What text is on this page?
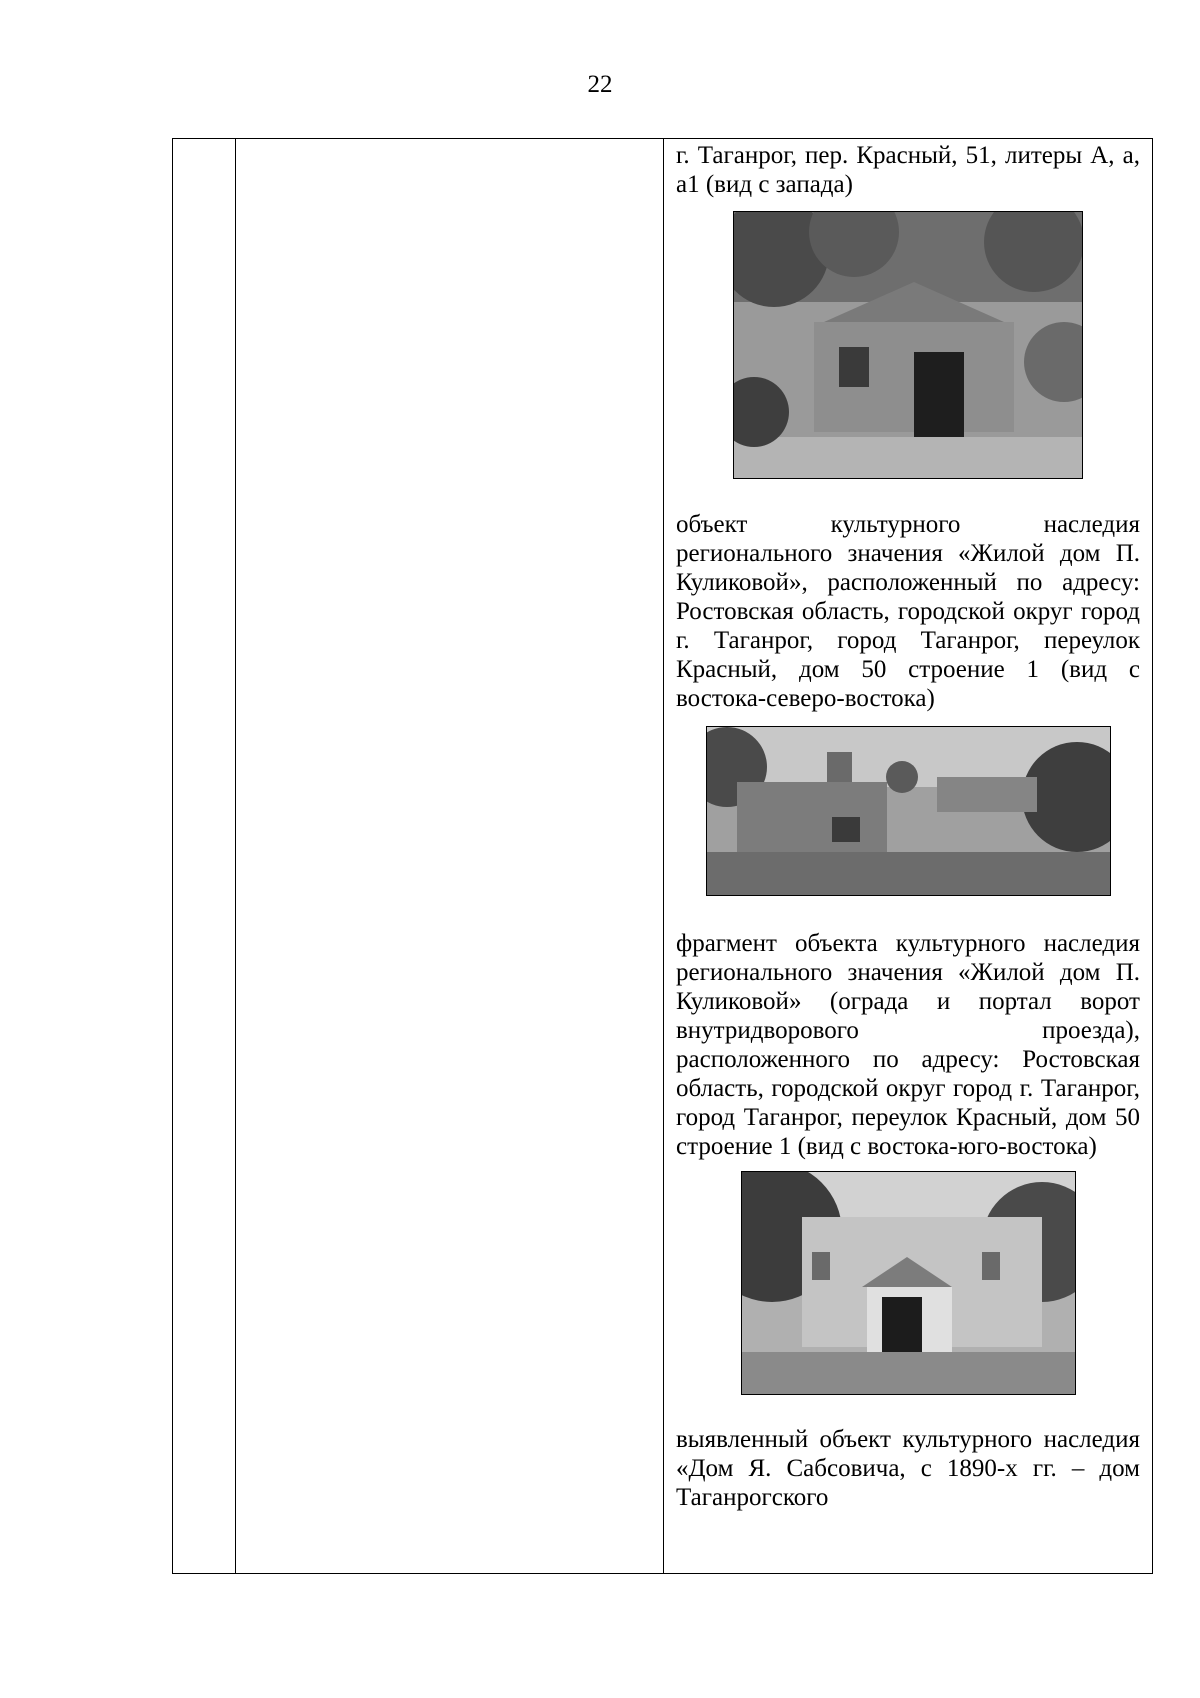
22

г. Таганрог, пер. Красный, 51, литеры А, а, а1 (вид с запада)

объект культурного наследия регионального значения «Жилой дом П. Куликовой», расположенный по адресу: Ростовская область, городской округ город г. Таганрог, город Таганрог, переулок Красный, дом 50 строение 1 (вид с востока-северо-востока)

фрагмент объекта культурного наследия регионального значения «Жилой дом П. Куликовой» (ограда и портал ворот внутридворового проезда), расположенного по адресу: Ростовская область, городской округ город г. Таганрог, город Таганрог, переулок Красный, дом 50 строение 1 (вид с востока-юго-востока)

выявленный объект культурного наследия «Дом Я. Сабсовича, с 1890-х гг. – дом Таганрогского
